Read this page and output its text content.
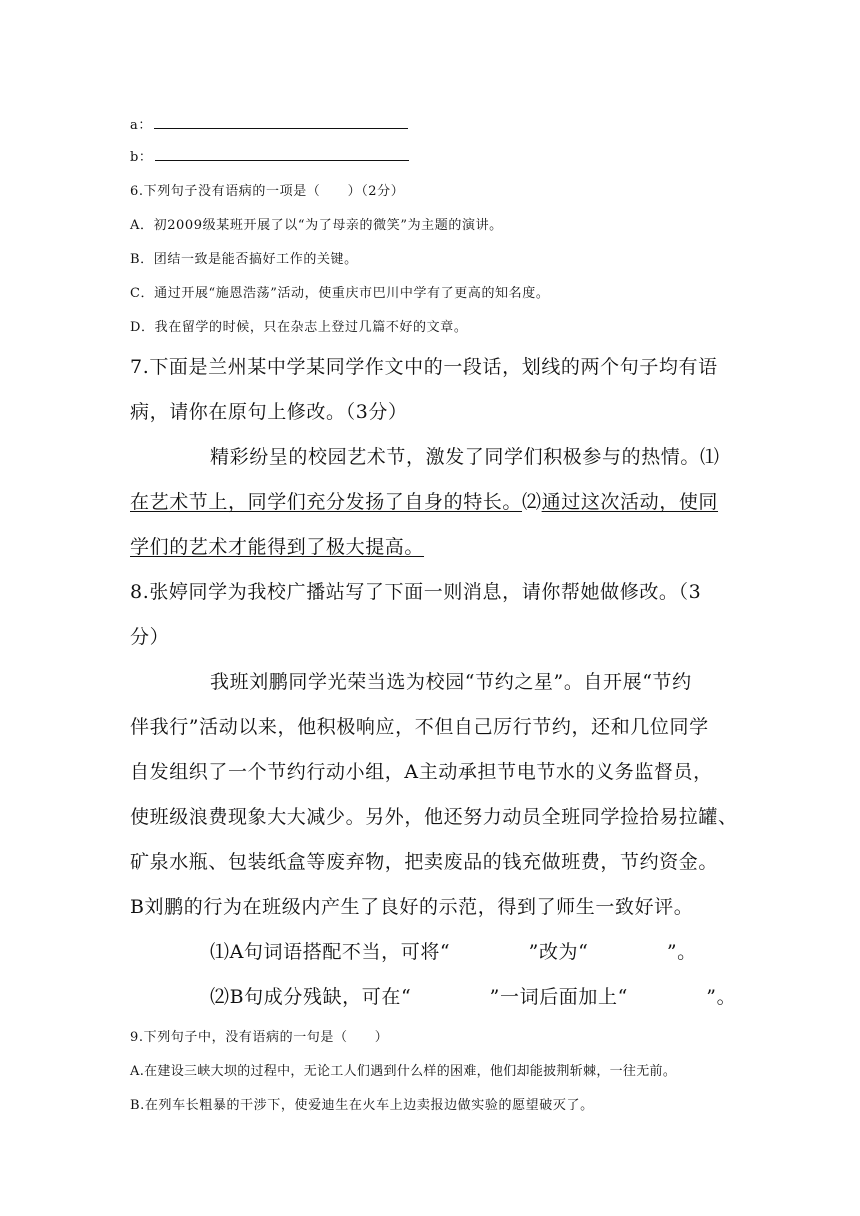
a：
b：
6.下列句子没有语病的一项是（　　）（2分）
A．初2009级某班开展了以“为了母亲的微笑”为主题的演讲。
B．团结一致是能否搞好工作的关键。
C．通过开展“施恩浩荡”活动，使重庆市巴川中学有了更高的知名度。
D．我在留学的时候，只在杂志上登过几篇不好的文章。
7.下面是兰州某中学某同学作文中的一段话，划线的两个句子均有语
病，请你在原句上修改。（3分）
精彩纷呈的校园艺术节，激发了同学们积极参与的热情。⑴
在艺术节上，同学们充分发扬了自身的特长。⑵通过这次活动，使同
学们的艺术才能得到了极大提高。
8.张婷同学为我校广播站写了下面一则消息，请你帮她做修改。（3
分）
我班刘鹏同学光荣当选为校园“节约之星”。自开展“节约
伴我行”活动以来，他积极响应，不但自己厉行节约，还和几位同学
自发组织了一个节约行动小组，A主动承担节电节水的义务监督员，
使班级浪费现象大大减少。另外，他还努力动员全班同学捡拾易拉罐、
矿泉水瓶、包装纸盒等废弃物，把卖废品的钱充做班费，节约资金。
B刘鹏的行为在班级内产生了良好的示范，得到了师生一致好评。
⑴A句词语搭配不当，可将“　　　　”改为“　　　　”。
⑵B句成分残缺，可在“　　　　”一词后面加上“　　　　”。
9.下列句子中，没有语病的一句是（　　）
A.在建设三峡大坝的过程中，无论工人们遇到什么样的困难，他们却能披荆斩棘，一往无前。
B.在列车长粗暴的干涉下，使爱迪生在火车上边卖报边做实验的愿望破灭了。
